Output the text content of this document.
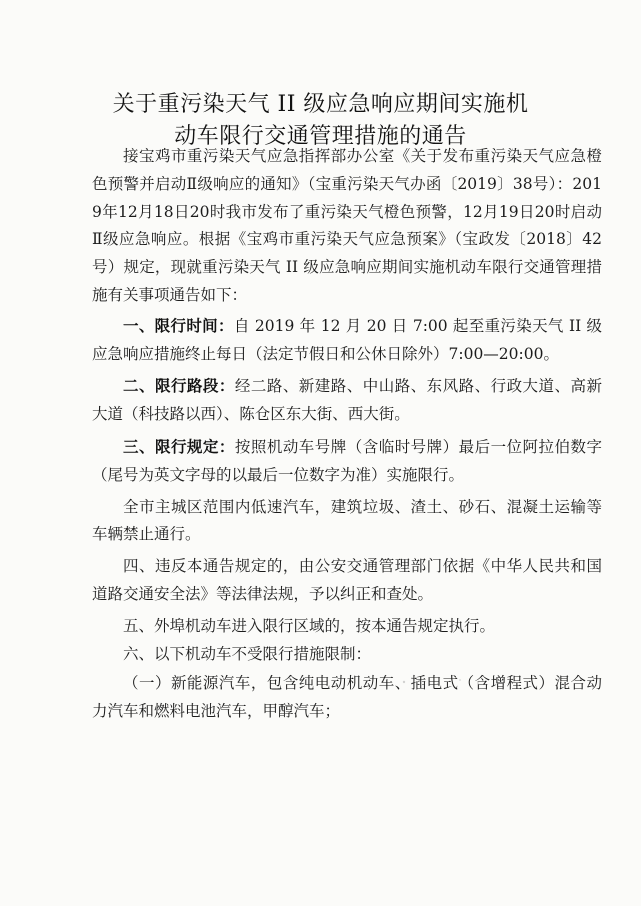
关于重污染天气 II 级应急响应期间实施机
动车限行交通管理措施的通告

接宝鸡市重污染天气应急指挥部办公室《关于发布重污染天气应急橙色预警并启动Ⅱ级响应的通知》（宝重污染天气办函〔2019〕38号）：2019年12月18日20时我市发布了重污染天气橙色预警，12月19日20时启动Ⅱ级应急响应。根据《宝鸡市重污染天气应急预案》（宝政发〔2018〕42号）规定，现就重污染天气 II 级应急响应期间实施机动车限行交通管理措施有关事项通告如下：

一、限行时间：自 2019 年 12 月 20 日 7:00 起至重污染天气 II 级应急响应措施终止每日（法定节假日和公休日除外）7:00—20:00。

二、限行路段：经二路、新建路、中山路、东风路、行政大道、高新大道（科技路以西）、陈仓区东大街、西大街。

三、限行规定：按照机动车号牌（含临时号牌）最后一位阿拉伯数字（尾号为英文字母的以最后一位数字为准）实施限行。

全市主城区范围内低速汽车，建筑垃圾、渣土、砂石、混凝土运输等车辆禁止通行。

四、违反本通告规定的，由公安交通管理部门依据《中华人民共和国道路交通安全法》等法律法规，予以纠正和查处。

五、外埠机动车进入限行区域的，按本通告规定执行。

六、以下机动车不受限行措施限制：

（一）新能源汽车，包含纯电动机动车、插电式（含增程式）混合动力汽车和燃料电池汽车，甲醇汽车；
